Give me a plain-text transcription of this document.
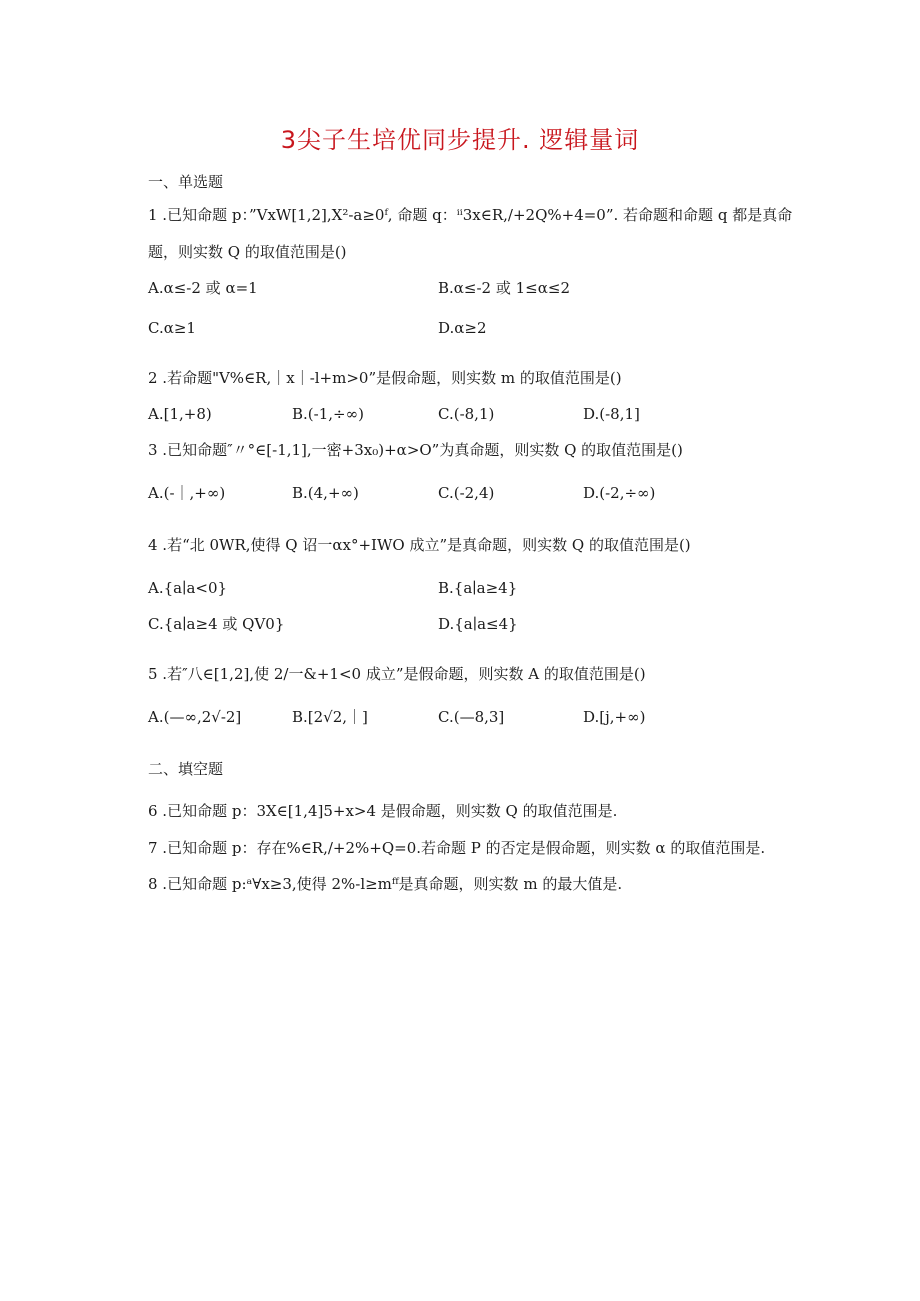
3尖子生培优同步提升. 逻辑量词
一、单选题
1 .已知命题 p：”VxW[1,2],X²-a≥0ᶠ, 命题 q：ⁱⁱ3x∈R,/+2Q%+4=0”. 若命题和命题 q 都是真命
题，则实数 Q 的取值范围是()
A.α≤-2 或 α=1	B.α≤-2 或 1≤α≤2
C.α≥1	D.α≥2
2 .若命题"V%∈R,｜x｜-l+m>0”是假命题，则实数 m 的取值范围是()
A.[1,+8)	B.(-1,÷∞)	C.(-8,1)	D.(-8,1]
3 .已知命题″〃°∈[-1,1],一密+3x₀)+α>O”为真命题，则实数 Q 的取值范围是()
A.(-｜,+∞)	B.(4,+∞)	C.(-2,4)	D.(-2,÷∞)
4 .若“北 0WR,使得 Q 诏一αx°+IWO 成立”是真命题，则实数 Q 的取值范围是()
A.{a∣a<0}	B.{a∣a≥4}
C.{a∣a≥4 或 QV0}	D.{a∣a≤4}
5 .若″八∈[1,2],使 2/一&+1<0 成立”是假命题，则实数 A 的取值范围是()
A.(—∞,2√-2]	B.[2√2,｜]	C.(—8,3]	D.[j,+∞)
二、填空题
6 .已知命题 p：3X∈[1,4]5+x>4 是假命题，则实数 Q 的取值范围是.
7 .已知命题 p：存在%∈R,/+2%+Q=0.若命题 P 的否定是假命题，则实数 α 的取值范围是.
8 .已知命题 p:ᵃ∀x≥3,使得 2%-l≥mᶠᶠ是真命题，则实数 m 的最大值是.
